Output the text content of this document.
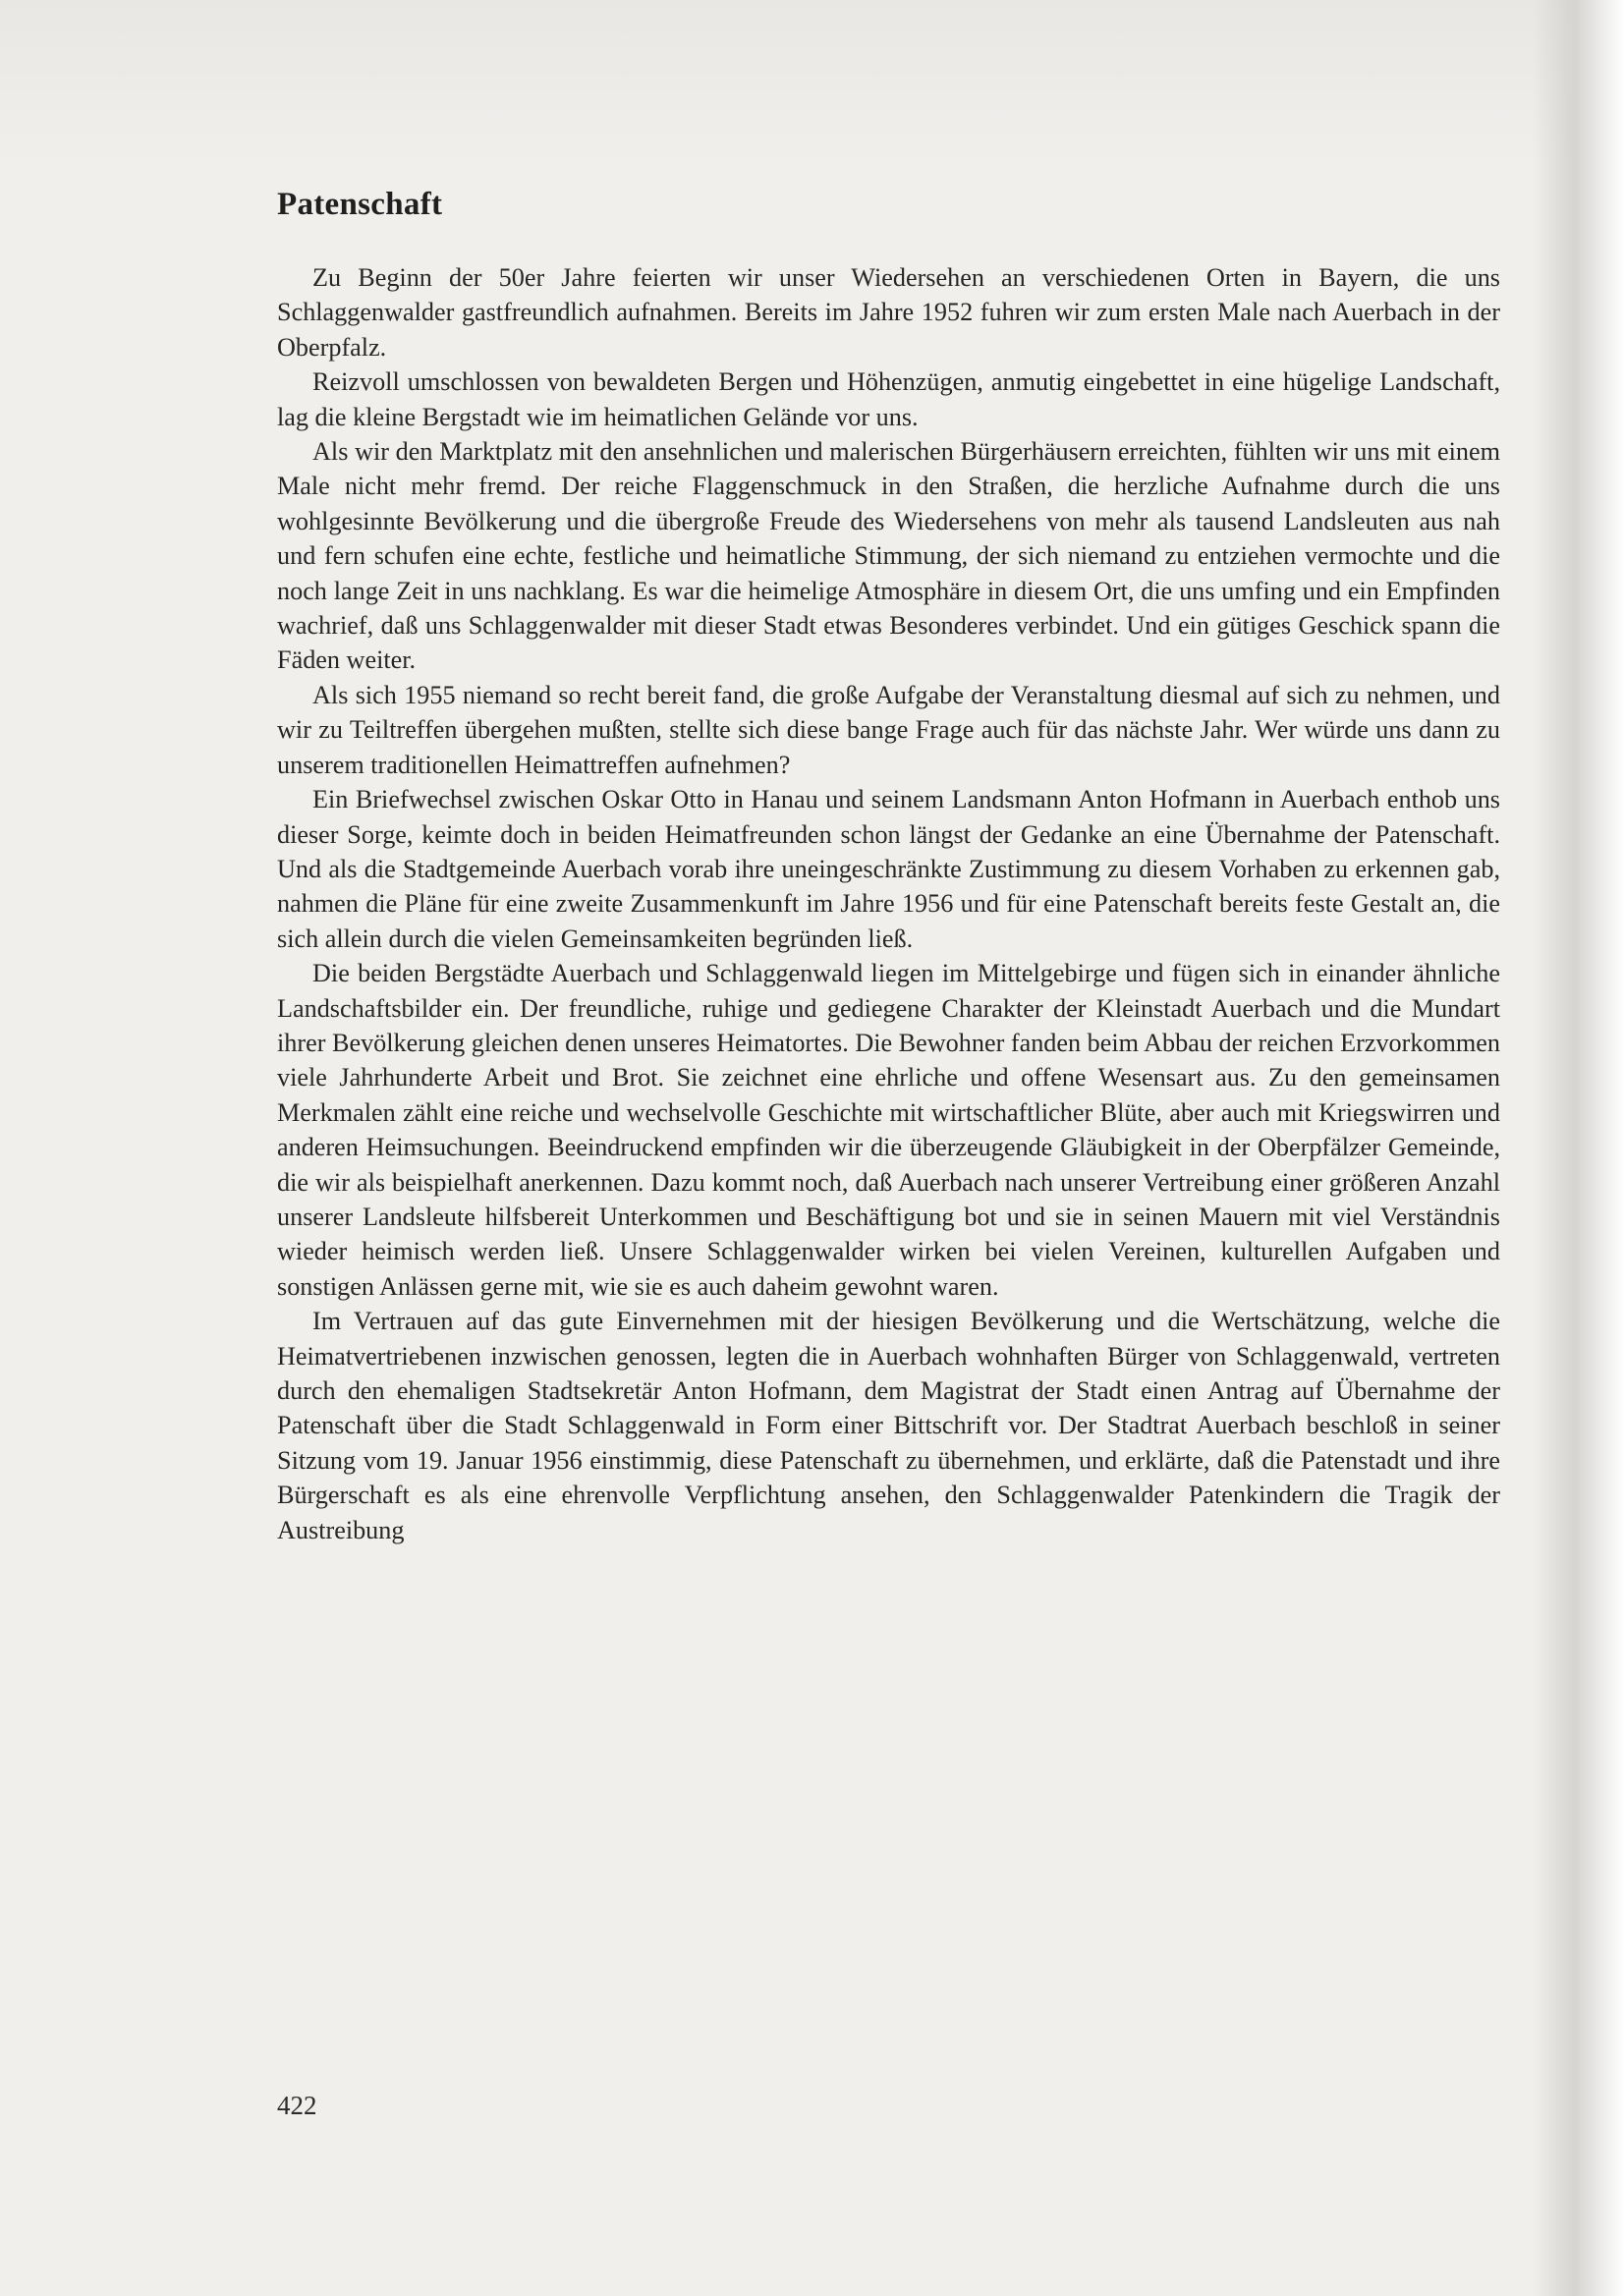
Patenschaft

Zu Beginn der 50er Jahre feierten wir unser Wiedersehen an verschiedenen Orten in Bayern, die uns Schlaggenwalder gastfreundlich aufnahmen. Bereits im Jahre 1952 fuhren wir zum ersten Male nach Auerbach in der Oberpfalz.

Reizvoll umschlossen von bewaldeten Bergen und Höhenzügen, anmutig eingebettet in eine hügelige Landschaft, lag die kleine Bergstadt wie im heimatlichen Gelände vor uns.

Als wir den Marktplatz mit den ansehnlichen und malerischen Bürgerhäusern erreichten, fühlten wir uns mit einem Male nicht mehr fremd. Der reiche Flaggenschmuck in den Straßen, die herzliche Aufnahme durch die uns wohlgesinnte Bevölkerung und die übergroße Freude des Wiedersehens von mehr als tausend Landsleuten aus nah und fern schufen eine echte, festliche und heimatliche Stimmung, der sich niemand zu entziehen vermochte und die noch lange Zeit in uns nachklang. Es war die heimelige Atmosphäre in diesem Ort, die uns umfing und ein Empfinden wachrief, daß uns Schlaggenwalder mit dieser Stadt etwas Besonderes verbindet. Und ein gütiges Geschick spann die Fäden weiter.

Als sich 1955 niemand so recht bereit fand, die große Aufgabe der Veranstaltung diesmal auf sich zu nehmen, und wir zu Teiltreffen übergehen mußten, stellte sich diese bange Frage auch für das nächste Jahr. Wer würde uns dann zu unserem traditionellen Heimattreffen aufnehmen?

Ein Briefwechsel zwischen Oskar Otto in Hanau und seinem Landsmann Anton Hofmann in Auerbach enthob uns dieser Sorge, keimte doch in beiden Heimatfreunden schon längst der Gedanke an eine Übernahme der Patenschaft. Und als die Stadtgemeinde Auerbach vorab ihre uneingeschränkte Zustimmung zu diesem Vorhaben zu erkennen gab, nahmen die Pläne für eine zweite Zusammenkunft im Jahre 1956 und für eine Patenschaft bereits feste Gestalt an, die sich allein durch die vielen Gemeinsamkeiten begründen ließ.

Die beiden Bergstädte Auerbach und Schlaggenwald liegen im Mittelgebirge und fügen sich in einander ähnliche Landschaftsbilder ein. Der freundliche, ruhige und gediegene Charakter der Kleinstadt Auerbach und die Mundart ihrer Bevölkerung gleichen denen unseres Heimatortes. Die Bewohner fanden beim Abbau der reichen Erzvorkommen viele Jahrhunderte Arbeit und Brot. Sie zeichnet eine ehrliche und offene Wesensart aus. Zu den gemeinsamen Merkmalen zählt eine reiche und wechselvolle Geschichte mit wirtschaftlicher Blüte, aber auch mit Kriegswirren und anderen Heimsuchungen. Beeindruckend empfinden wir die überzeugende Gläubigkeit in der Oberpfälzer Gemeinde, die wir als beispielhaft anerkennen. Dazu kommt noch, daß Auerbach nach unserer Vertreibung einer größeren Anzahl unserer Landsleute hilfsbereit Unterkommen und Beschäftigung bot und sie in seinen Mauern mit viel Verständnis wieder heimisch werden ließ. Unsere Schlaggenwalder wirken bei vielen Vereinen, kulturellen Aufgaben und sonstigen Anlässen gerne mit, wie sie es auch daheim gewohnt waren.

Im Vertrauen auf das gute Einvernehmen mit der hiesigen Bevölkerung und die Wertschätzung, welche die Heimatvertriebenen inzwischen genossen, legten die in Auerbach wohnhaften Bürger von Schlaggenwald, vertreten durch den ehemaligen Stadtsekretär Anton Hofmann, dem Magistrat der Stadt einen Antrag auf Übernahme der Patenschaft über die Stadt Schlaggenwald in Form einer Bittschrift vor. Der Stadtrat Auerbach beschloß in seiner Sitzung vom 19. Januar 1956 einstimmig, diese Patenschaft zu übernehmen, und erklärte, daß die Patenstadt und ihre Bürgerschaft es als eine ehrenvolle Verpflichtung ansehen, den Schlaggenwalder Patenkindern die Tragik der Austreibung

422
